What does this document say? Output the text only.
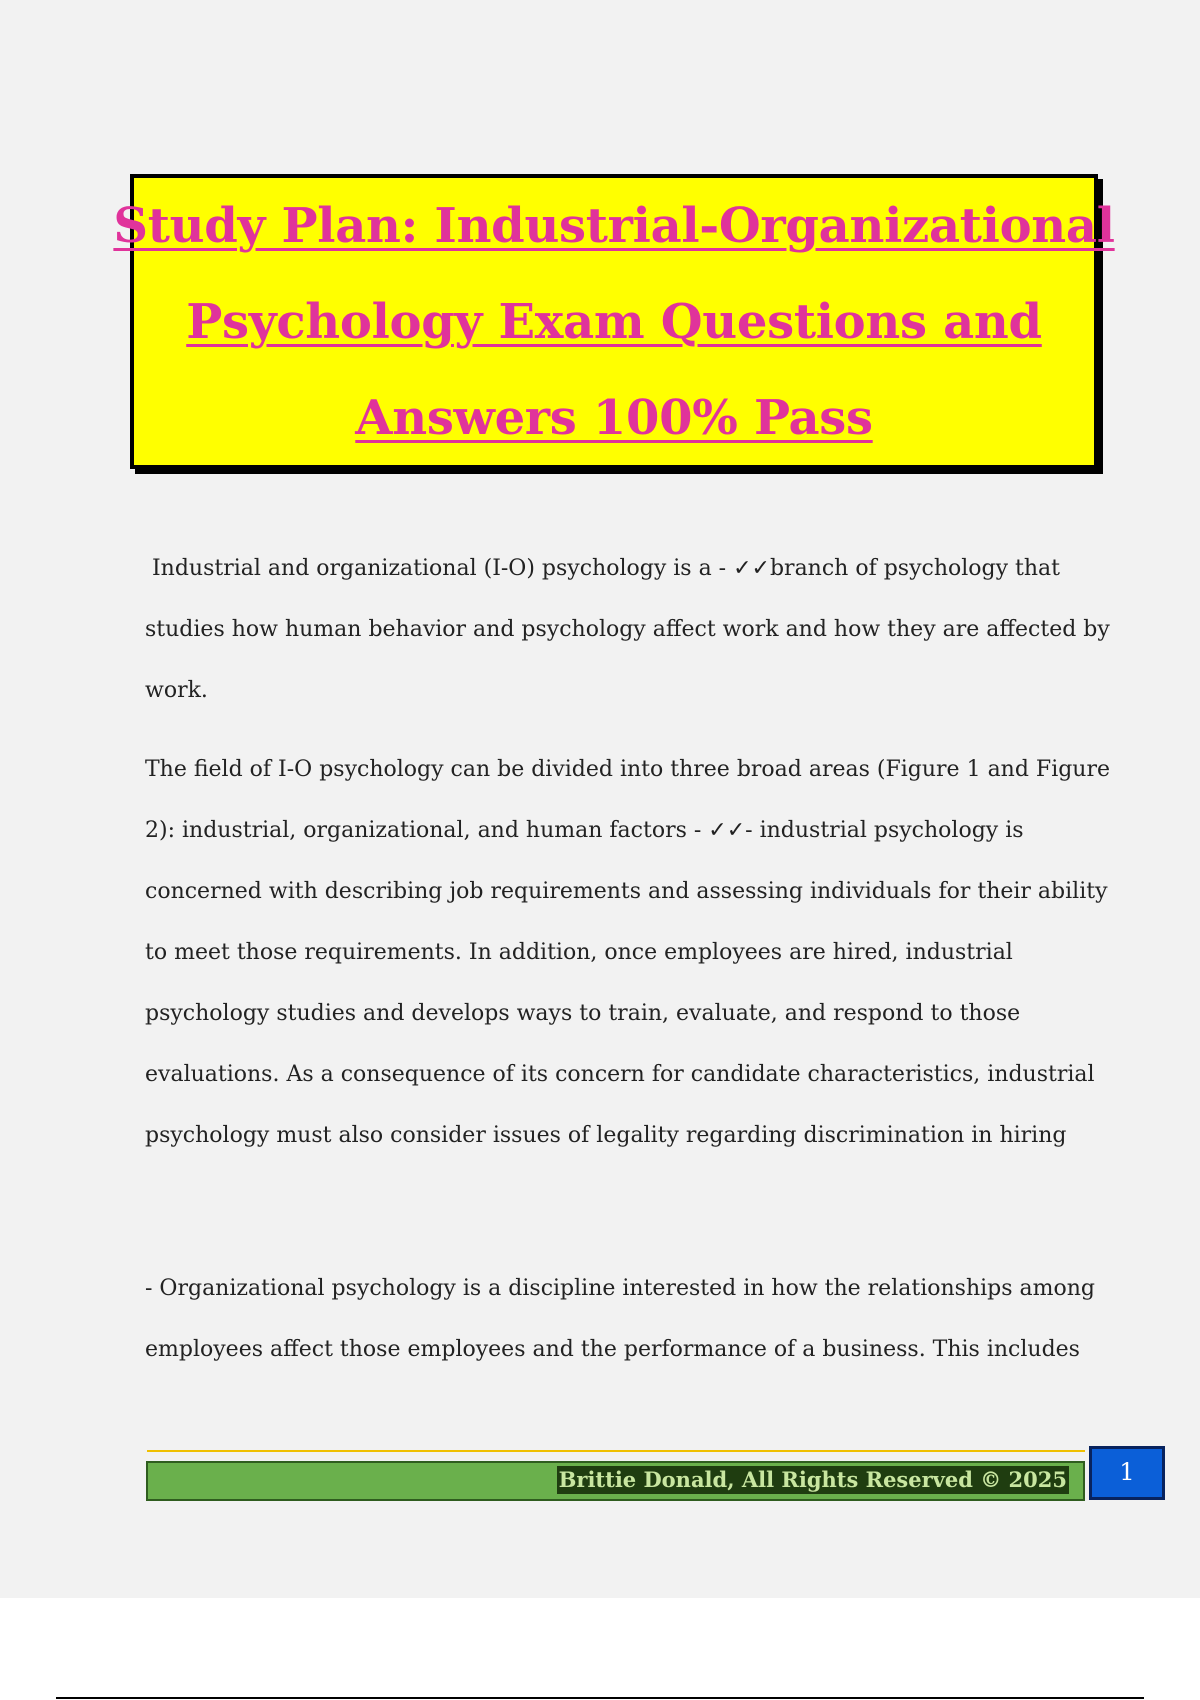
Study Plan: Industrial-Organizational
Psychology Exam Questions and
Answers 100% Pass
Industrial and organizational (I-O) psychology is a - ✓✓branch of psychology that
studies how human behavior and psychology affect work and how they are affected by
work.
The field of I-O psychology can be divided into three broad areas (Figure 1 and Figure
2): industrial, organizational, and human factors - ✓✓- industrial psychology is
concerned with describing job requirements and assessing individuals for their ability
to meet those requirements. In addition, once employees are hired, industrial
psychology studies and develops ways to train, evaluate, and respond to those
evaluations. As a consequence of its concern for candidate characteristics, industrial
psychology must also consider issues of legality regarding discrimination in hiring
- Organizational psychology is a discipline interested in how the relationships among
employees affect those employees and the performance of a business. This includes
Brittie Donald, All Rights Reserved © 2025	1
